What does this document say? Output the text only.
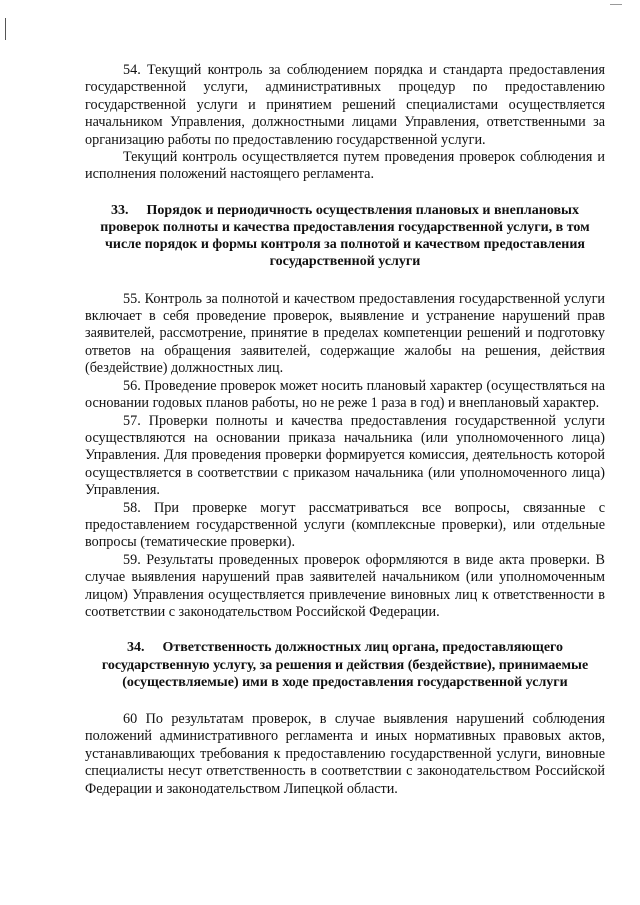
54. Текущий контроль за соблюдением порядка и стандарта предоставления государственной услуги, административных процедур по предоставлению государственной услуги и принятием решений специалистами осуществляется начальником Управления, должностными лицами Управления, ответственными за организацию работы по предоставлению государственной услуги.

Текущий контроль осуществляется путем проведения проверок соблюдения и исполнения положений настоящего регламента.

33. Порядок и периодичность осуществления плановых и внеплановых проверок полноты и качества предоставления государственной услуги, в том числе порядок и формы контроля за полнотой и качеством предоставления государственной услуги

55. Контроль за полнотой и качеством предоставления государственной услуги включает в себя проведение проверок, выявление и устранение нарушений прав заявителей, рассмотрение, принятие в пределах компетенции решений и подготовку ответов на обращения заявителей, содержащие жалобы на решения, действия (бездействие) должностных лиц.

56. Проведение проверок может носить плановый характер (осуществляться на основании годовых планов работы, но не реже 1 раза в год) и внеплановый характер.

57. Проверки полноты и качества предоставления государственной услуги осуществляются на основании приказа начальника (или уполномоченного лица) Управления. Для проведения проверки формируется комиссия, деятельность которой осуществляется в соответствии с приказом начальника (или уполномоченного лица) Управления.

58. При проверке могут рассматриваться все вопросы, связанные с предоставлением государственной услуги (комплексные проверки), или отдельные вопросы (тематические проверки).

59. Результаты проведенных проверок оформляются в виде акта проверки. В случае выявления нарушений прав заявителей начальником (или уполномоченным лицом) Управления осуществляется привлечение виновных лиц к ответственности в соответствии с законодательством Российской Федерации.

34. Ответственность должностных лиц органа, предоставляющего государственную услугу, за решения и действия (бездействие), принимаемые (осуществляемые) ими в ходе предоставления государственной услуги

60 По результатам проверок, в случае выявления нарушений соблюдения положений административного регламента и иных нормативных правовых актов, устанавливающих требования к предоставлению государственной услуги, виновные специалисты несут ответственность в соответствии с законодательством Российской Федерации и законодательством Липецкой области.
